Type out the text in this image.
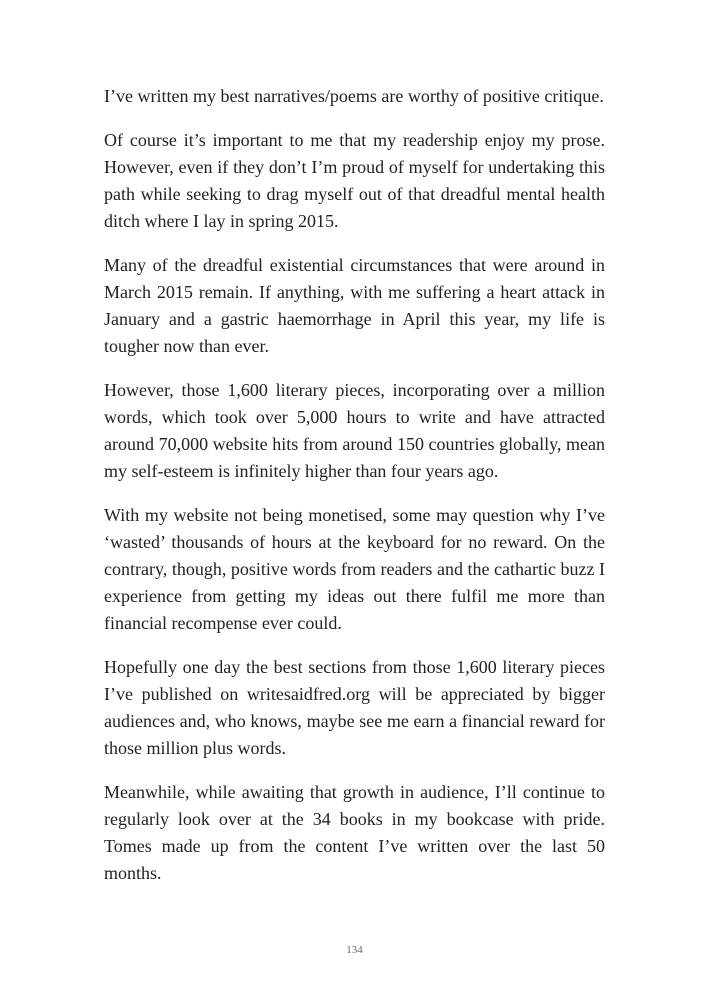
I’ve written my best narratives/poems are worthy of positive critique.

Of course it’s important to me that my readership enjoy my prose. However, even if they don’t I’m proud of myself for undertaking this path while seeking to drag myself out of that dreadful mental health ditch where I lay in spring 2015.

Many of the dreadful existential circumstances that were around in March 2015 remain. If anything, with me suffering a heart attack in January and a gastric haemorrhage in April this year, my life is tougher now than ever.

However, those 1,600 literary pieces, incorporating over a million words, which took over 5,000 hours to write and have attracted around 70,000 website hits from around 150 countries globally, mean my self-esteem is infinitely higher than four years ago.

With my website not being monetised, some may question why I’ve ‘wasted’ thousands of hours at the keyboard for no reward. On the contrary, though, positive words from readers and the cathartic buzz I experience from getting my ideas out there fulfil me more than financial recompense ever could.

Hopefully one day the best sections from those 1,600 literary pieces I’ve published on writesaidfred.org will be appreciated by bigger audiences and, who knows, maybe see me earn a financial reward for those million plus words.

Meanwhile, while awaiting that growth in audience, I’ll continue to regularly look over at the 34 books in my bookcase with pride. Tomes made up from the content I’ve written over the last 50 months.

134
